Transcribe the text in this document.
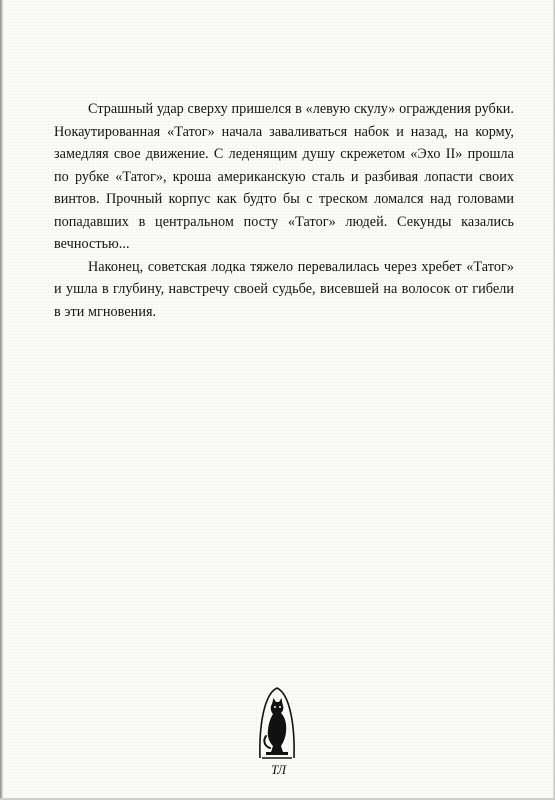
Страшный удар сверху пришелся в «левую скулу» ограждения рубки. Нокаутированная «Татог» начала заваливаться набок и назад, на корму, замедляя свое движение. С леденящим душу скрежетом «Эхо II» прошла по рубке «Татог», кроша американскую сталь и разбивая лопасти своих винтов. Прочный корпус как будто бы с треском ломался над головами попадавших в центральном посту «Татог» людей. Секунды казались вечностью...

Наконец, советская лодка тяжело перевалилась через хребет «Татог» и ушла в глубину, навстречу своей судьбе, висевшей на волосок от гибели в эти мгновения.

ТЛ
